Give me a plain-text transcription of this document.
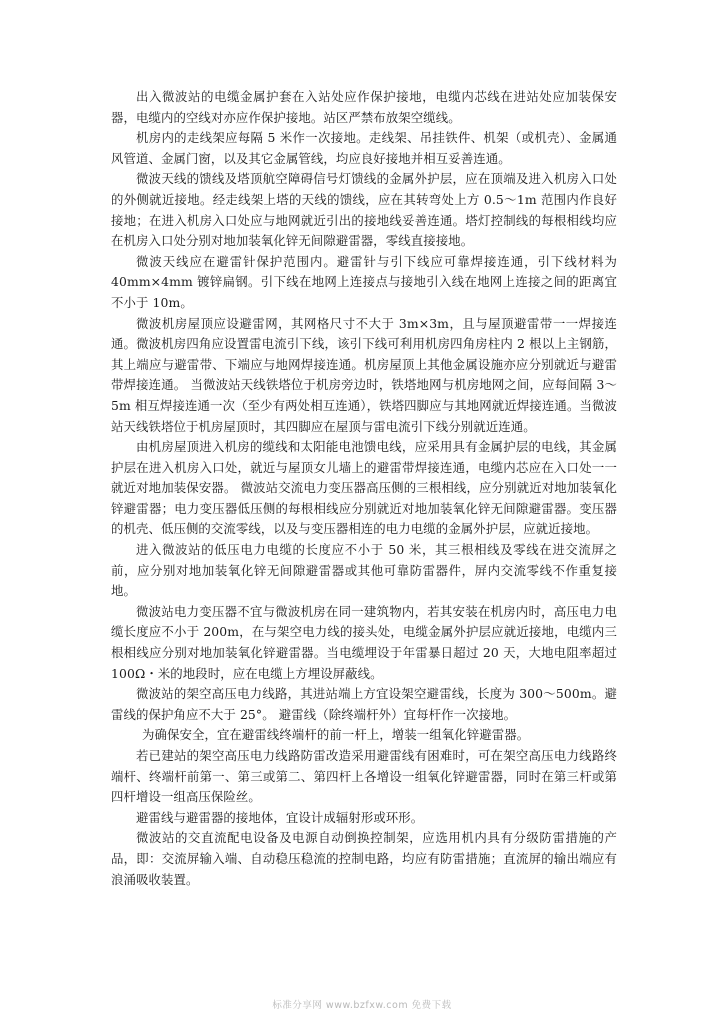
出入微波站的电缆金属护套在入站处应作保护接地，电缆内芯线在进站处应加装保安器，电缆内的空线对亦应作保护接地。站区严禁布放架空缆线。

机房内的走线架应每隔 5 米作一次接地。走线架、吊挂铁件、机架（或机壳）、金属通风管道、金属门窗，以及其它金属管线，均应良好接地并相互妥善连通。

微波天线的馈线及塔顶航空障碍信号灯馈线的金属外护层，应在顶端及进入机房入口处的外侧就近接地。经走线架上塔的天线的馈线，应在其转弯处上方 0.5～1m 范围内作良好接地；在进入机房入口处应与地网就近引出的接地线妥善连通。塔灯控制线的每根相线均应在机房入口处分别对地加装氧化锌无间隙避雷器，零线直接接地。

微波天线应在避雷针保护范围内。避雷针与引下线应可靠焊接连通，引下线材料为 40mm×4mm 镀锌扁钢。引下线在地网上连接点与接地引入线在地网上连接之间的距离宜不小于 10m。

微波机房屋顶应设避雷网，其网格尺寸不大于 3m×3m，且与屋顶避雷带一一焊接连通。微波机房四角应设置雷电流引下线，该引下线可利用机房四角房柱内 2 根以上主钢筋，其上端应与避雷带、下端应与地网焊接连通。机房屋顶上其他金属设施亦应分别就近与避雷带焊接连通。 当微波站天线铁塔位于机房旁边时，铁塔地网与机房地网之间，应每间隔 3～5m 相互焊接连通一次（至少有两处相互连通），铁塔四脚应与其地网就近焊接连通。当微波站天线铁塔位于机房屋顶时，其四脚应在屋顶与雷电流引下线分别就近连通。

由机房屋顶进入机房的缆线和太阳能电池馈电线，应采用具有金属护层的电线，其金属护层在进入机房入口处，就近与屋顶女儿墙上的避雷带焊接连通，电缆内芯应在入口处一一就近对地加装保安器。 微波站交流电力变压器高压侧的三根相线，应分别就近对地加装氧化锌避雷器；电力变压器低压侧的每根相线应分别就近对地加装氧化锌无间隙避雷器。变压器的机壳、低压侧的交流零线，以及与变压器相连的电力电缆的金属外护层，应就近接地。

进入微波站的低压电力电缆的长度应不小于 50 米，其三根相线及零线在进交流屏之前，应分别对地加装氧化锌无间隙避雷器或其他可靠防雷器件，屏内交流零线不作重复接地。

微波站电力变压器不宜与微波机房在同一建筑物内，若其安装在机房内时，高压电力电缆长度应不小于 200m，在与架空电力线的接头处，电缆金属外护层应就近接地，电缆内三根相线应分别对地加装氧化锌避雷器。当电缆埋设于年雷暴日超过 20 天，大地电阻率超过 100Ω・米的地段时，应在电缆上方埋设屏蔽线。

微波站的架空高压电力线路，其进站端上方宜设架空避雷线，长度为 300～500m。避雷线的保护角应不大于 25°。 避雷线（除终端杆外）宜每杆作一次接地。

为确保安全，宜在避雷线终端杆的前一杆上，增装一组氧化锌避雷器。

若已建站的架空高压电力线路防雷改造采用避雷线有困难时，可在架空高压电力线路终端杆、终端杆前第一、第三或第二、第四杆上各增设一组氧化锌避雷器，同时在第三杆或第四杆增设一组高压保险丝。

避雷线与避雷器的接地体，宜设计成辐射形或环形。

微波站的交直流配电设备及电源自动倒换控制架，应选用机内具有分级防雷措施的产品，即：交流屏输入端、自动稳压稳流的控制电路，均应有防雷措施；直流屏的输出端应有浪涌吸收装置。

标准分享网 www.bzfxw.com 免费下载
